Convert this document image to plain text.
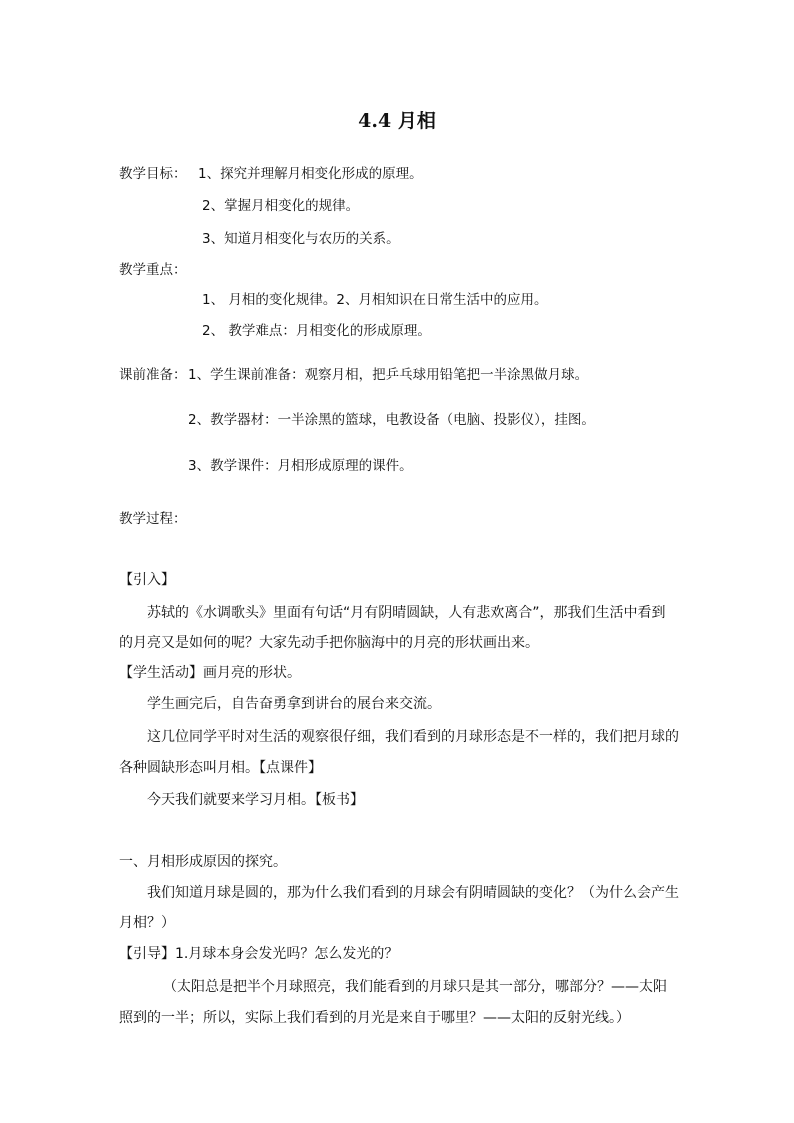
4.4 月相
教学目标： 1、探究并理解月相变化形成的原理。
2、掌握月相变化的规律。
3、知道月相变化与农历的关系。
教学重点：
1、 月相的变化规律。2、月相知识在日常生活中的应用。
2、 教学难点：月相变化的形成原理。
课前准备： 1、学生课前准备：观察月相，把乒乓球用铅笔把一半涂黑做月球。
2、教学器材：一半涂黑的篮球，电教设备（电脑、投影仪），挂图。
3、教学课件：月相形成原理的课件。
教学过程：
【引入】
苏轼的《水调歌头》里面有句话“月有阴晴圆缺，人有悲欢离合”，那我们生活中看到
的月亮又是如何的呢？大家先动手把你脑海中的月亮的形状画出来。
【学生活动】画月亮的形状。
学生画完后，自告奋勇拿到讲台的展台来交流。
这几位同学平时对生活的观察很仔细，我们看到的月球形态是不一样的，我们把月球的
各种圆缺形态叫月相。【点课件】
今天我们就要来学习月相。【板书】
一、月相形成原因的探究。
我们知道月球是圆的，那为什么我们看到的月球会有阴晴圆缺的变化？（为什么会产生
月相？）
【引导】1.月球本身会发光吗？怎么发光的？
（太阳总是把半个月球照亮，我们能看到的月球只是其一部分，哪部分？——太阳
照到的一半；所以，实际上我们看到的月光是来自于哪里？——太阳的反射光线。）
